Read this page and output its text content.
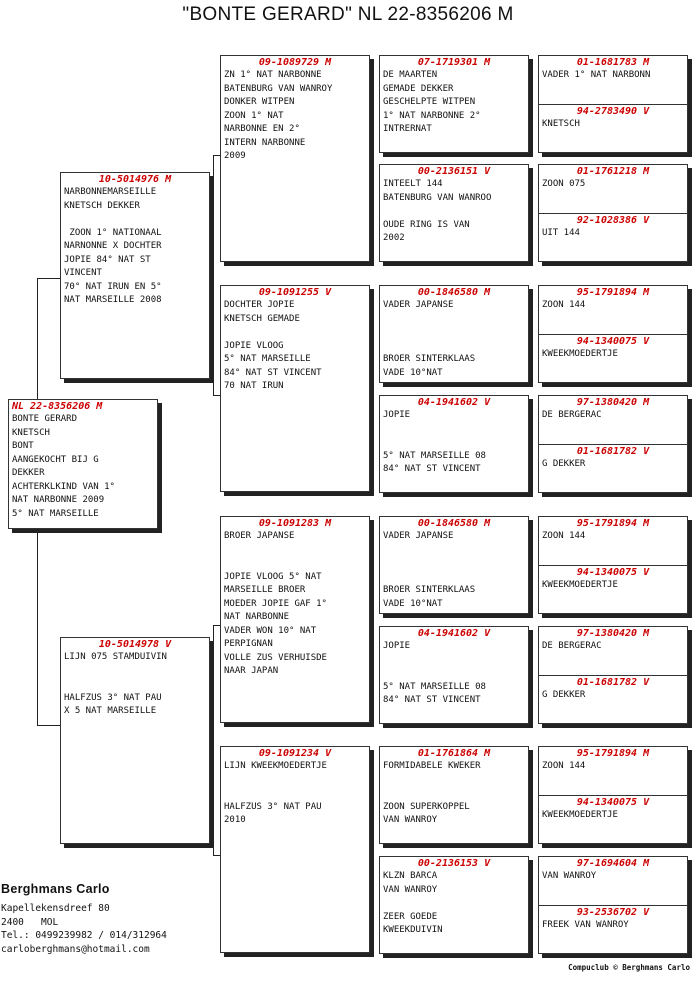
"BONTE GERARD" NL 22-8356206 M
NL 22-8356206 M
BONTE GERARD
KNETSCH
BONT
AANGEKOCHT BIJ G
DEKKER
ACHTERKLKIND VAN 1°
NAT NARBONNE 2009
5° NAT MARSEILLE
10-5014976 M
NARBONNEMARSEILLE
KNETSCH DEKKER

ZOON 1° NATIONAAL
NARNONNE X DOCHTER
JOPIE 84° NAT ST
VINCENT
70° NAT IRUN EN 5°
NAT MARSEILLE 2008
10-5014978 V
LIJN 075 STAMDUIVIN

HALFZUS 3° NAT PAU
X 5 NAT MARSEILLE
09-1089729 M
ZN 1° NAT NARBONNE
BATENBURG VAN WANROY
DONKER WITPEN
ZOON 1° NAT
NARBONNE EN 2°
INTERN NARBONNE
2009
09-1091255 V
DOCHTER JOPIE
KNETSCH GEMADE

JOPIE VLOOG
5° NAT MARSEILLE
84° NAT ST VINCENT
70 NAT IRUN
09-1091283 M
BROER JAPANSE

JOPIE VLOOG 5° NAT
MARSEILLE BROER
MOEDER JOPIE GAF 1°
NAT NARBONNE
VADER WON 10° NAT
PERPIGNAN
VOLLE ZUS VERHUISDE
NAAR JAPAN
09-1091234 V
LIJN KWEEKMOEDERTJE

HALFZUS 3° NAT PAU
2010
07-1719301 M
DE MAARTEN
GEMADE DEKKER
GESCHELPTE WITPEN
1° NAT NARBONNE 2°
INTRERNAT
00-2136151 V
INTEELT 144
BATENBURG VAN WANROO

OUDE RING IS VAN
2002
00-1846580 M
VADER JAPANSE

BROER SINTERKLAAS
VADE 10°NAT
04-1941602 V
JOPIE

5° NAT MARSEILLE 08
84° NAT ST VINCENT
00-1846580 M
VADER JAPANSE

BROER SINTERKLAAS
VADE 10°NAT
04-1941602 V
JOPIE

5° NAT MARSEILLE 08
84° NAT ST VINCENT
01-1761864 M
FORMIDABELE KWEKER

ZOON SUPERKOPPEL
VAN WANROY
00-2136153 V
KLZN BARCA
VAN WANROY

ZEER GOEDE
KWEEKDUIVIN
01-1681783 M
VADER 1° NAT NARBONN
94-2783490 V
KNETSCH
01-1761218 M
ZOON 075
92-1028386 V
UIT 144
95-1791894 M
ZOON 144
94-1340075 V
KWEEKMOEDERTJE
97-1380420 M
DE BERGERAC
01-1681782 V
G DEKKER
95-1791894 M
ZOON 144
94-1340075 V
KWEEKMOEDERTJE
97-1380420 M
DE BERGERAC
01-1681782 V
G DEKKER
95-1791894 M
ZOON 144
94-1340075 V
KWEEKMOEDERTJE
97-1694604 M
VAN WANROY
93-2536702 V
FREEK VAN WANROY
Berghmans Carlo
Kapellekensdreef 80
2400   MOL
Tel.: 0499239982 / 014/312964
carloberghmans@hotmail.com
Compuclub © Berghmans Carlo
